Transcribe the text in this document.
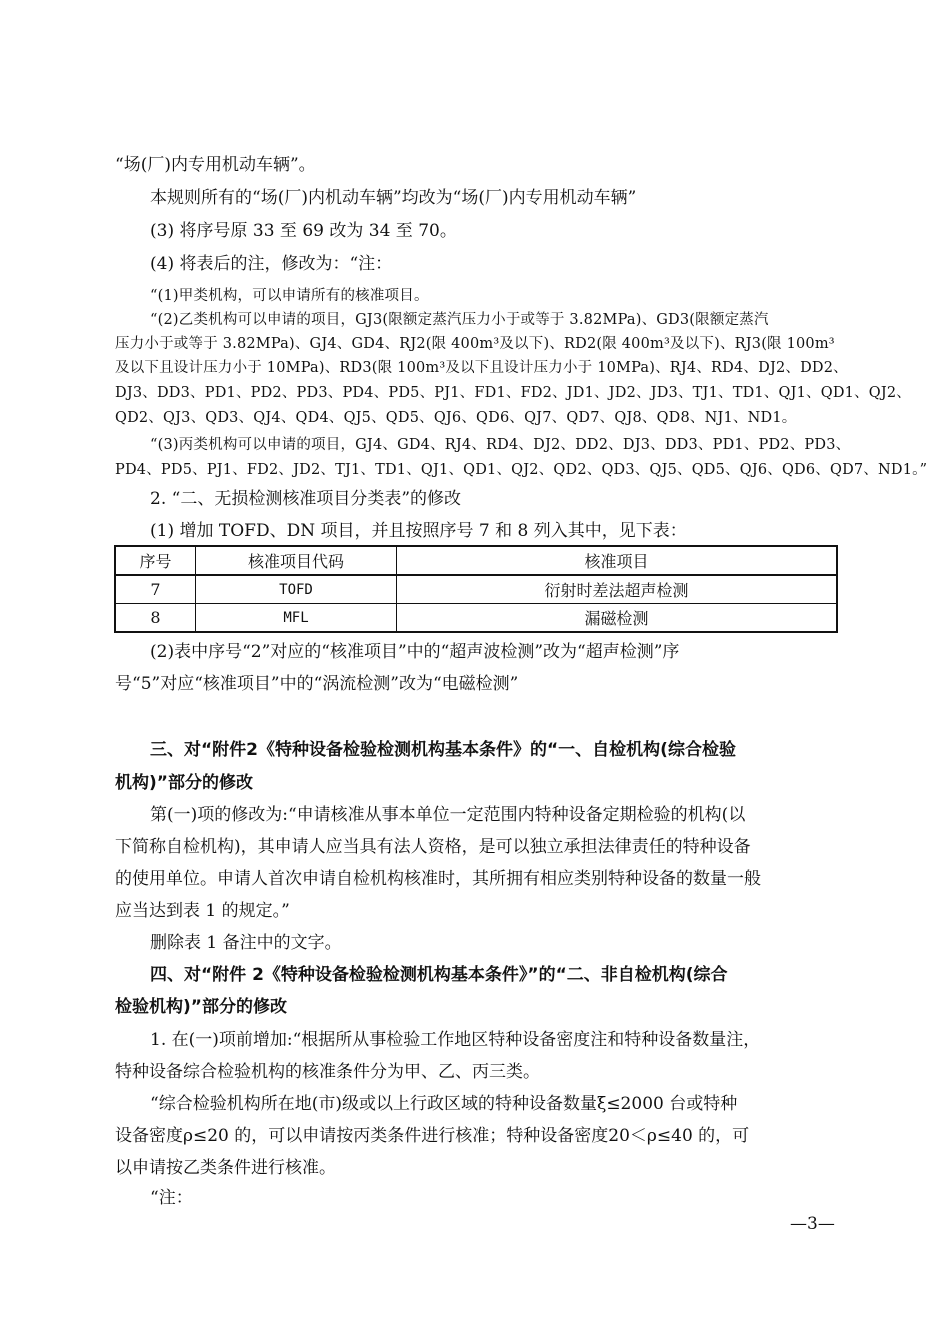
“场(厂)内专用机动车辆”。
本规则所有的“场(厂)内机动车辆”均改为“场(厂)内专用机动车辆”
(3) 将序号原 33 至 69 改为 34 至 70。
(4) 将表后的注，修改为：“注：
“(1)甲类机构，可以申请所有的核准项目。
“(2)乙类机构可以申请的项目，GJ3(限额定蒸汽压力小于或等于 3.82MPa)、GD3(限额定蒸汽
压力小于或等于 3.82MPa)、GJ4、GD4、RJ2(限 400m³及以下)、RD2(限 400m³及以下)、RJ3(限 100m³
及以下且设计压力小于 10MPa)、RD3(限 100m³及以下且设计压力小于 10MPa)、RJ4、RD4、DJ2、DD2、
DJ3、DD3、PD1、PD2、PD3、PD4、PD5、PJ1、FD1、FD2、JD1、JD2、JD3、TJ1、TD1、QJ1、QD1、QJ2、
QD2、QJ3、QD3、QJ4、QD4、QJ5、QD5、QJ6、QD6、QJ7、QD7、QJ8、QD8、NJ1、ND1。
“(3)丙类机构可以申请的项目，GJ4、GD4、RJ4、RD4、DJ2、DD2、DJ3、DD3、PD1、PD2、PD3、
PD4、PD5、PJ1、FD2、JD2、TJ1、TD1、QJ1、QD1、QJ2、QD2、QD3、QJ5、QD5、QJ6、QD6、QD7、ND1。”
2. “二、无损检测核准项目分类表”的修改
(1) 增加 TOFD、DN 项目，并且按照序号 7 和 8 列入其中，见下表：
序号	核准项目代码	核准项目
7	TOFD	衍射时差法超声检测
8	MFL	漏磁检测
(2)表中序号“2”对应的“核准项目”中的“超声波检测”改为“超声检测”序
号“5”对应“核准项目”中的“涡流检测”改为“电磁检测”
三、对“附件2《特种设备检验检测机构基本条件》的“一、自检机构(综合检验
机构)”部分的修改
第(一)项的修改为:“申请核准从事本单位一定范围内特种设备定期检验的机构(以
下简称自检机构)，其申请人应当具有法人资格，是可以独立承担法律责任的特种设备
的使用单位。申请人首次申请自检机构核准时，其所拥有相应类别特种设备的数量一般
应当达到表 1 的规定。”
删除表 1 备注中的文字。
四、对“附件 2《特种设备检验检测机构基本条件》”的“二、非自检机构(综合
检验机构)”部分的修改
1. 在(一)项前增加:“根据所从事检验工作地区特种设备密度注和特种设备数量注，
特种设备综合检验机构的核准条件分为甲、乙、丙三类。
“综合检验机构所在地(市)级或以上行政区域的特种设备数量ξ≤2000 台或特种
设备密度ρ≤20 的，可以申请按丙类条件进行核准；特种设备密度20＜ρ≤40 的，可
以申请按乙类条件进行核准。
“注：
—3—
